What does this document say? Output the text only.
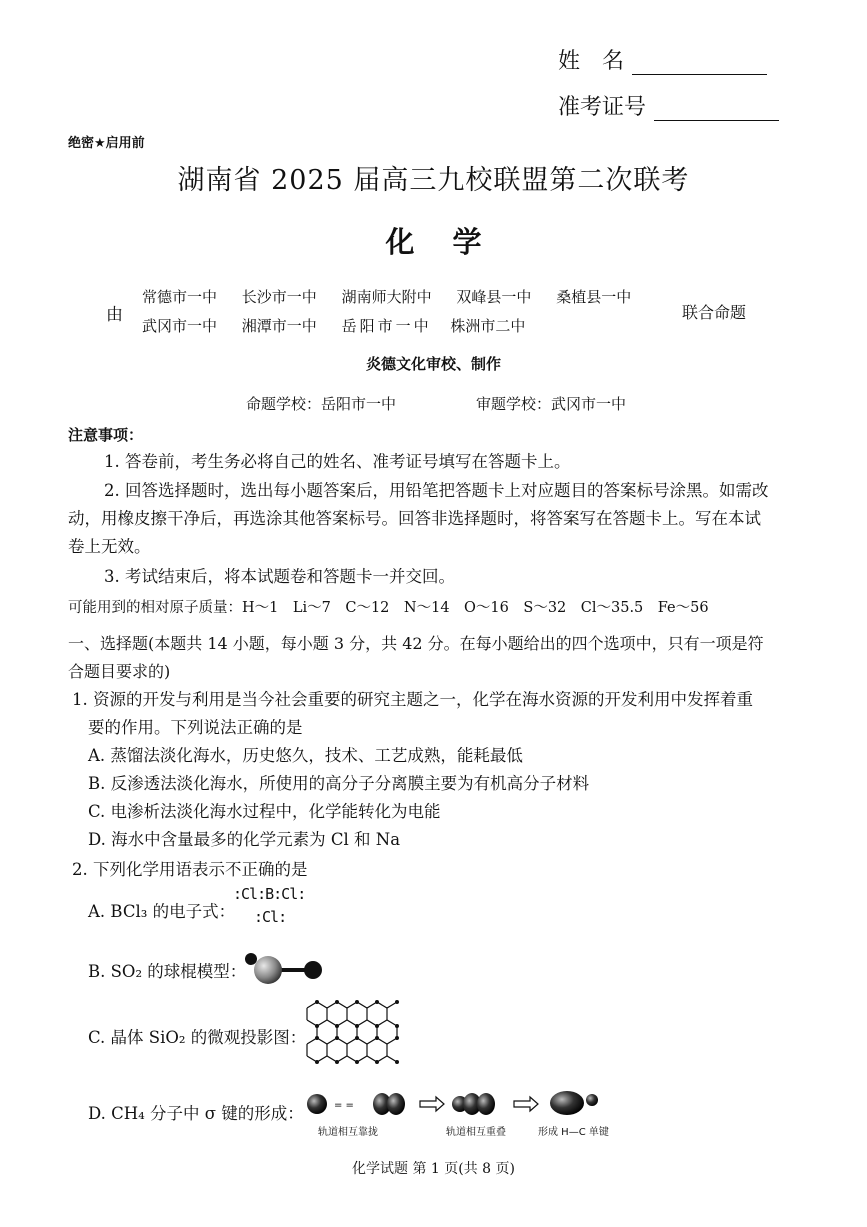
姓　名
准考证号
绝密★启用前
湖南省 2025 届高三九校联盟第二次联考
化学
由
常德市一中 长沙市一中 湖南师大附中 双峰县一中 桑植县一中
武冈市一中 湘潭市一中 岳阳市一中 株洲市二中
联合命题
炎德文化审校、制作
命题学校：岳阳市一中	审题学校：武冈市一中
注意事项：
1. 答卷前，考生务必将自己的姓名、准考证号填写在答题卡上。
2. 回答选择题时，选出每小题答案后，用铅笔把答题卡上对应题目的答案标号涂黑。如需改
动，用橡皮擦干净后，再选涂其他答案标号。回答非选择题时，将答案写在答题卡上。写在本试
卷上无效。
3. 考试结束后，将本试题卷和答题卡一并交回。
可能用到的相对原子质量：H～1　Li～7　C～12　N～14　O～16　S～32　Cl～35.5　Fe～56
一、选择题(本题共 14 小题，每小题 3 分，共 42 分。在每小题给出的四个选项中，只有一项是符
合题目要求的)
1. 资源的开发与利用是当今社会重要的研究主题之一，化学在海水资源的开发利用中发挥着重
要的作用。下列说法正确的是
A. 蒸馏法淡化海水，历史悠久，技术、工艺成熟，能耗最低
B. 反渗透法淡化海水，所使用的高分子分离膜主要为有机高分子材料
C. 电渗析法淡化海水过程中，化学能转化为电能
D. 海水中含量最多的化学元素为 Cl 和 Na
2. 下列化学用语表示不正确的是
A. BCl₃ 的电子式：
:Cl:B:Cl:
:Cl:
B. SO₂ 的球棍模型：
C. 晶体 SiO₂ 的微观投影图：
D. CH₄ 分子中 σ 键的形成：	= =
轨道相互靠拢	轨道相互重叠	形成 H—C 单键
化学试题 第 1 页(共 8 页)
